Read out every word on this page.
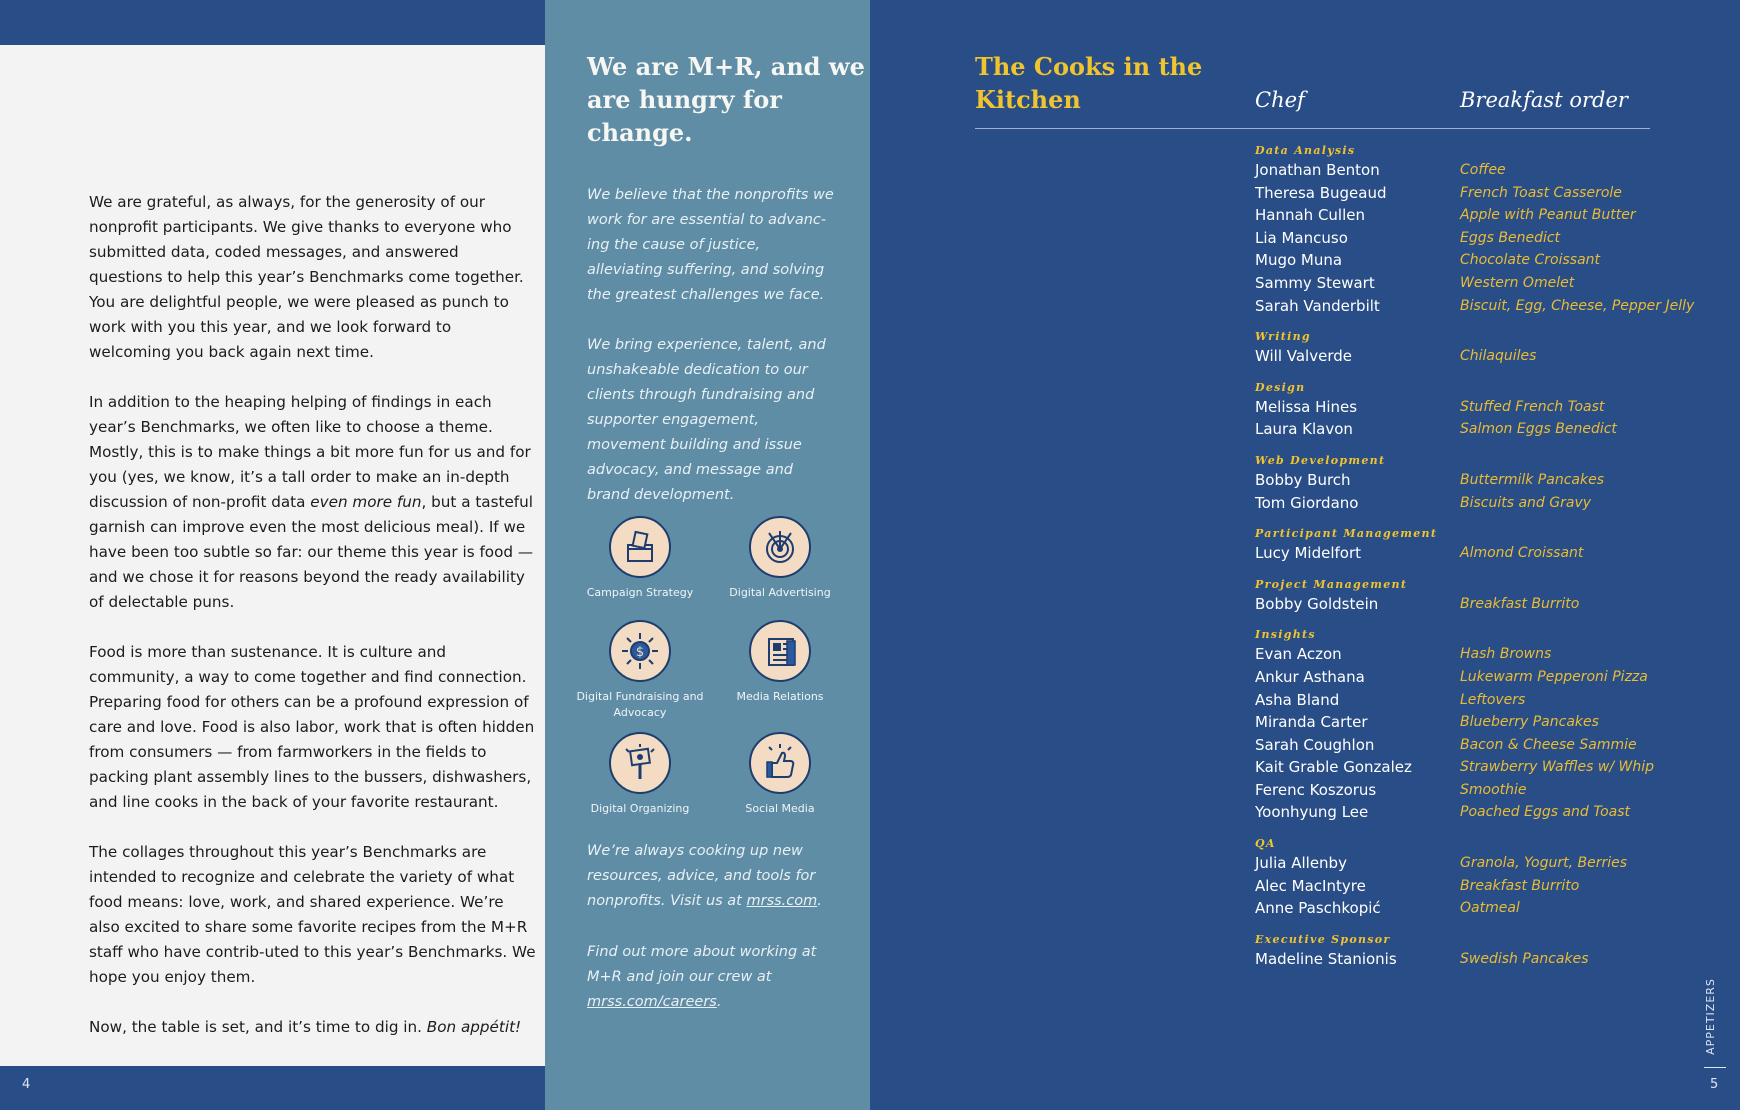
We are grateful, as always, for the generosity of our nonprofit participants. We give thanks to everyone who submitted data, coded messages, and answered questions to help this year’s Benchmarks come together. You are delightful people, we were pleased as punch to work with you this year, and we look forward to welcoming you back again next time.

In addition to the heaping helping of findings in each year’s Benchmarks, we often like to choose a theme. Mostly, this is to make things a bit more fun for us and for you (yes, we know, it’s a tall order to make an in-depth discussion of non-profit data even more fun, but a tasteful garnish can improve even the most delicious meal). If we have been too subtle so far: our theme this year is food — and we chose it for reasons beyond the ready availability of delectable puns.

Food is more than sustenance. It is culture and community, a way to come together and find connection. Preparing food for others can be a profound expression of care and love. Food is also labor, work that is often hidden from consumers — from farmworkers in the fields to packing plant assembly lines to the bussers, dishwashers, and line cooks in the back of your favorite restaurant.

The collages throughout this year’s Benchmarks are intended to recognize and celebrate the variety of what food means: love, work, and shared experience. We’re also excited to share some favorite recipes from the M+R staff who have contrib-uted to this year’s Benchmarks. We hope you enjoy them.

Now, the table is set, and it’s time to dig in. Bon appétit!

4
We are M+R, and we are hungry for change.
We believe that the nonprofits we work for are essential to advanc-ing the cause of justice, alleviating suffering, and solving the greatest challenges we face.
We bring experience, talent, and unshakeable dedication to our clients through fundraising and supporter engagement, movement building and issue advocacy, and message and brand development.
Campaign Strategy	Digital Advertising
$
Digital Fundraising and Advocacy
Media Relations
Digital Organizing	Social Media
We’re always cooking up new resources, advice, and tools for nonprofits. Visit us at mrss.com.
Find out more about working at M+R and join our crew at mrss.com/careers.
The Cooks in the Kitchen	Chef	Breakfast order
Data Analysis
Jonathan Benton	Coffee
Theresa Bugeaud	French Toast Casserole
Hannah Cullen	Apple with Peanut Butter
Lia Mancuso	Eggs Benedict
Mugo Muna	Chocolate Croissant
Sammy Stewart	Western Omelet
Sarah Vanderbilt	Biscuit, Egg, Cheese, Pepper Jelly
Writing
Will Valverde	Chilaquiles
Design
Melissa Hines	Stuffed French Toast
Laura Klavon	Salmon Eggs Benedict
Web Development
Bobby Burch	Buttermilk Pancakes
Tom Giordano	Biscuits and Gravy
Participant Management
Lucy Midelfort	Almond Croissant
Project Management
Bobby Goldstein	Breakfast Burrito
Insights
Evan Aczon	Hash Browns
Ankur Asthana	Lukewarm Pepperoni Pizza
Asha Bland	Leftovers
Miranda Carter	Blueberry Pancakes
Sarah Coughlon	Bacon & Cheese Sammie
Kait Grable Gonzalez	Strawberry Waffles w/ Whip
Ferenc Koszorus	Smoothie
Yoonhyung Lee	Poached Eggs and Toast
QA
Julia Allenby	Granola, Yogurt, Berries
Alec MacIntyre	Breakfast Burrito
Anne Paschkopić	Oatmeal
Executive Sponsor
Madeline Stanionis	Swedish Pancakes
APPETIZERS
5
